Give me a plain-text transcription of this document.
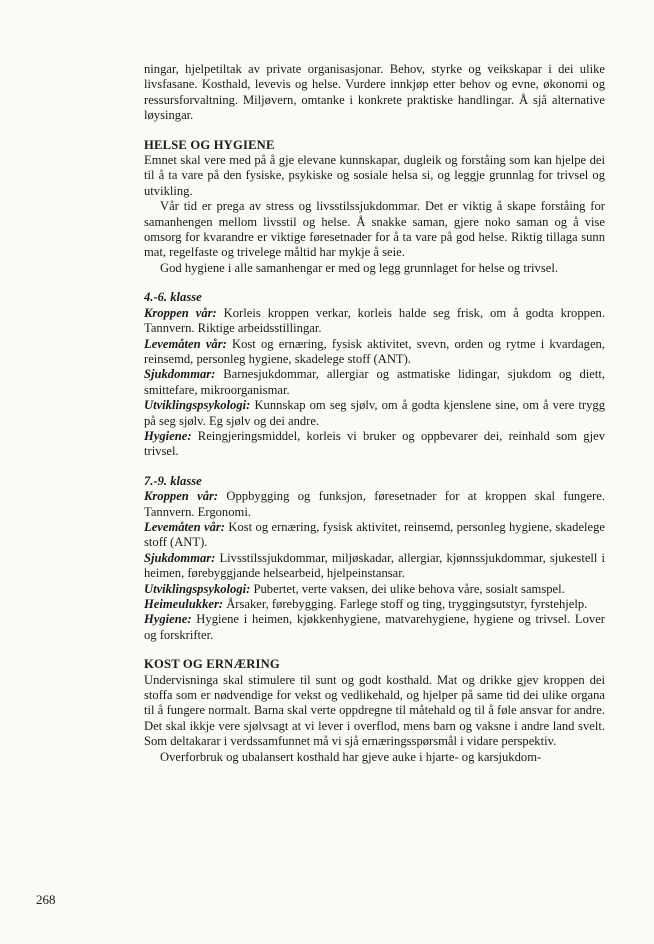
ningar, hjelpetiltak av private organisasjonar. Behov, styrke og veikskapar i dei ulike livsfasane. Kosthald, levevis og helse. Vurdere innkjøp etter behov og evne, økonomi og ressursforvaltning. Miljøvern, omtanke i konkrete praktiske handlingar. Å sjå alternative løysingar.

HELSE OG HYGIENE

Emnet skal vere med på å gje elevane kunnskapar, dugleik og forståing som kan hjelpe dei til å ta vare på den fysiske, psykiske og sosiale helsa si, og leggje grunnlag for trivsel og utvikling.

Vår tid er prega av stress og livsstilssjukdommar. Det er viktig å skape forståing for samanhengen mellom livsstil og helse. Å snakke saman, gjere noko saman og å vise omsorg for kvarandre er viktige føresetnader for å ta vare på god helse. Riktig tillaga sunn mat, regelfaste og trivelege måltid har mykje å seie.

God hygiene i alle samanhengar er med og legg grunnlaget for helse og trivsel.

4.-6. klasse

Kroppen vår: Korleis kroppen verkar, korleis halde seg frisk, om å godta kroppen. Tannvern. Riktige arbeidsstillingar.

Levemåten vår: Kost og ernæring, fysisk aktivitet, svevn, orden og rytme i kvardagen, reinsemd, personleg hygiene, skadelege stoff (ANT).

Sjukdommar: Barnesjukdommar, allergiar og astmatiske lidingar, sjukdom og diett, smittefare, mikroorganismar.

Utviklingspsykologi: Kunnskap om seg sjølv, om å godta kjenslene sine, om å vere trygg på seg sjølv. Eg sjølv og dei andre.

Hygiene: Reingjeringsmiddel, korleis vi bruker og oppbevarer dei, reinhald som gjev trivsel.

7.-9. klasse

Kroppen vår: Oppbygging og funksjon, føresetnader for at kroppen skal fungere. Tannvern. Ergonomi.

Levemåten vår: Kost og ernæring, fysisk aktivitet, reinsemd, personleg hygiene, skadelege stoff (ANT).

Sjukdommar: Livsstilssjukdommar, miljøskadar, allergiar, kjønnssjukdommar, sjukestell i heimen, førebyggjande helsearbeid, hjelpeinstansar.

Utviklingspsykologi: Pubertet, verte vaksen, dei ulike behova våre, sosialt samspel.

Heimeulukker: Årsaker, førebygging. Farlege stoff og ting, tryggingsutstyr, fyrstehjelp.

Hygiene: Hygiene i heimen, kjøkkenhygiene, matvarehygiene, hygiene og trivsel. Lover og forskrifter.

KOST OG ERNÆRING

Undervisninga skal stimulere til sunt og godt kosthald. Mat og drikke gjev kroppen dei stoffa som er nødvendige for vekst og vedlikehald, og hjelper på same tid dei ulike organa til å fungere normalt. Barna skal verte oppdregne til måtehald og til å føle ansvar for andre. Det skal ikkje vere sjølvsagt at vi lever i overflod, mens barn og vaksne i andre land svelt. Som deltakarar i verdssamfunnet må vi sjå ernæringsspørsmål i vidare perspektiv.

Overforbruk og ubalansert kosthald har gjeve auke i hjarte- og karsjukdom-

268
